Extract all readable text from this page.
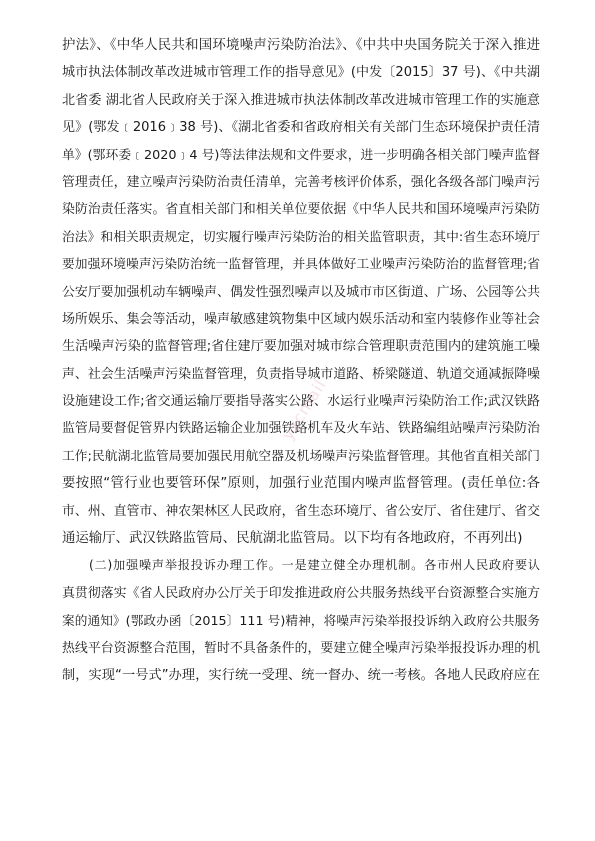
护法》、《中华人民共和国环境噪声污染防治法》、《中共中央国务院关于深入推进
城市执法体制改革改进城市管理工作的指导意见》(中发〔2015〕37 号)、《中共湖
北省委 湖北省人民政府关于深入推进城市执法体制改革改进城市管理工作的实施意
见》(鄂发﹝2016﹞38 号)、《湖北省委和省政府相关有关部门生态环境保护责任清
单》(鄂环委﹝2020﹞4 号)等法律法规和文件要求，进一步明确各相关部门噪声监督
管理责任，建立噪声污染防治责任清单，完善考核评价体系，强化各级各部门噪声污
染防治责任落实。省直相关部门和相关单位要依据《中华人民共和国环境噪声污染防
治法》和相关职责规定，切实履行噪声污染防治的相关监管职责，其中:省生态环境厅
要加强环境噪声污染防治统一监督管理，并具体做好工业噪声污染防治的监督管理;省
公安厅要加强机动车辆噪声、偶发性强烈噪声以及城市市区街道、广场、公园等公共
场所娱乐、集会等活动，噪声敏感建筑物集中区域内娱乐活动和室内装修作业等社会
生活噪声污染的监督管理;省住建厅要加强对城市综合管理职责范围内的建筑施工噪
声、社会生活噪声污染监督管理，负责指导城市道路、桥梁隧道、轨道交通减振降噪
设施建设工作;省交通运输厅要指导落实公路、水运行业噪声污染防治工作;武汉铁路
监管局要督促管界内铁路运输企业加强铁路机车及火车站、铁路编组站噪声污染防治
工作;民航湖北监管局要加强民用航空器及机场噪声污染监督管理。其他省直相关部门
要按照“管行业也要管环保”原则，加强行业范围内噪声监督管理。(责任单位:各
市、州、直管市、神农架林区人民政府，省生态环境厅、省公安厅、省住建厅、省交
通运输厅、武汉铁路监管局、民航湖北监管局。以下均有各地政府，不再列出)
(二)加强噪声举报投诉办理工作。一是建立健全办理机制。各市州人民政府要认
真贯彻落实《省人民政府办公厅关于印发推进政府公共服务热线平台资源整合实施方
案的通知》(鄂政办函〔2015〕111 号)精神，将噪声污染举报投诉纳入政府公共服务
热线平台资源整合范围，暂时不具备条件的，要建立健全噪声污染举报投诉办理的机
制，实现“一号式”办理，实行统一受理、统一督办、统一考核。各地人民政府应在
yzcmail
